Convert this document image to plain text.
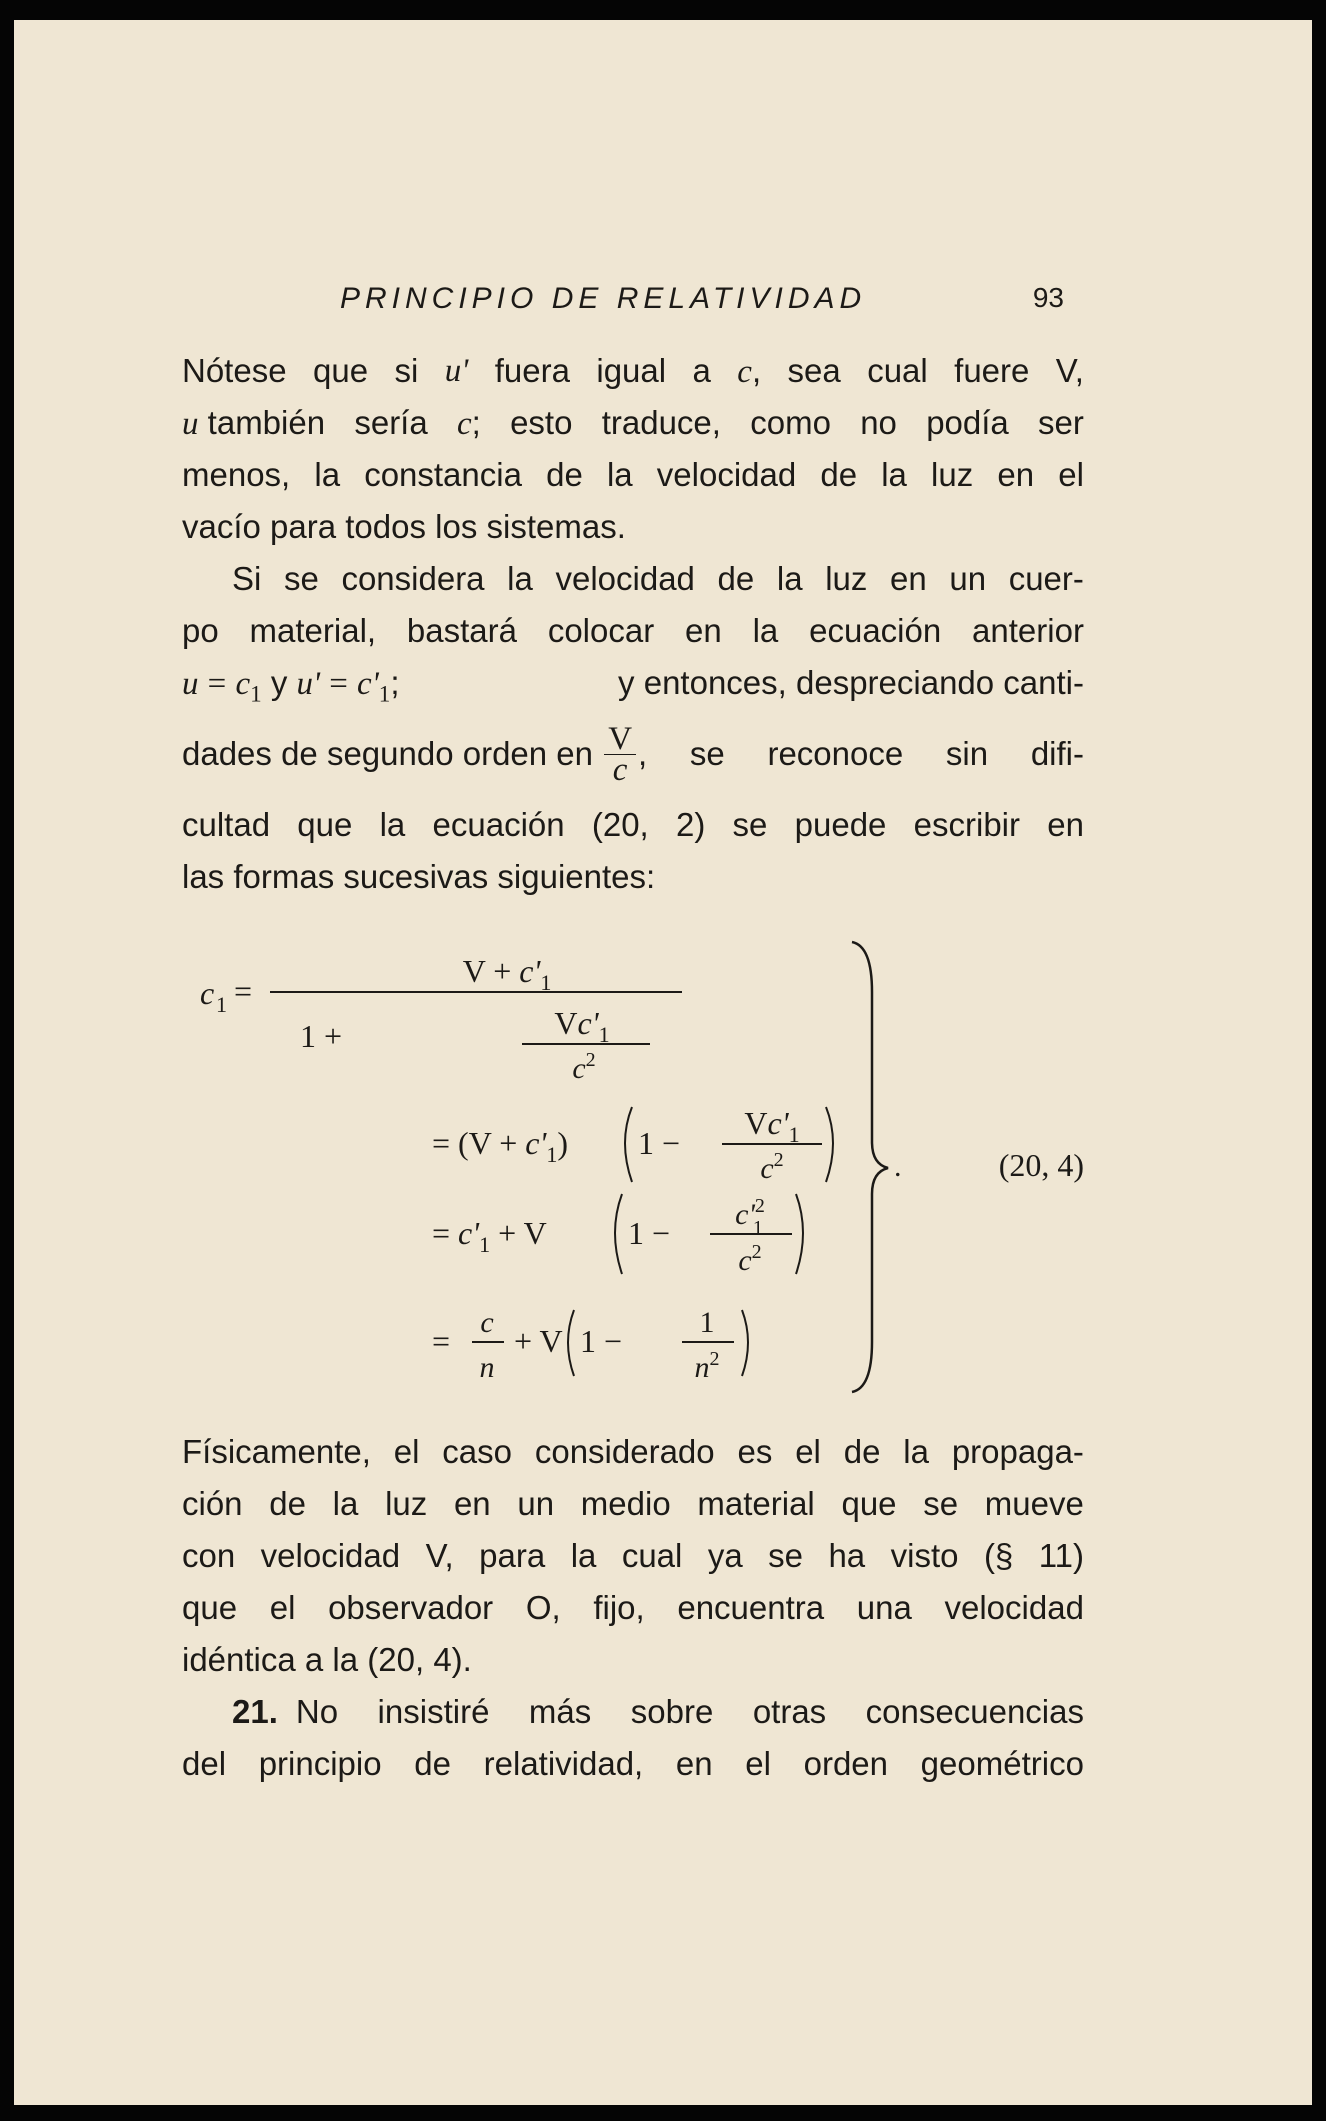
PRINCIPIO DE RELATIVIDAD	93
Nótese que si u' fuera igual a c, sea cual fuere V,
u también sería c; esto traduce, como no podía ser
menos, la constancia de la velocidad de la luz en el
vacío para todos los sistemas.
Si se considera la velocidad de la luz en un cuer-
po material, bastará colocar en la ecuación anterior
$u = c_1$ y $u' = c'_1$;	y entonces, despreciando canti-
dades de segundo orden en $\frac{V}{c}$ , se reconoce sin difi-
cultad que la ecuación (20, 2) se puede escribir en
las formas sucesivas siguientes:
c 1 =
$V + c'_1$
1 +	$Vc'_1$
$c^2$
= $(V + c'_1)$ 1 −
$Vc'_1$
$c^2$
= $c'_1 + V$	1 −
$c'^2$ 1
$c^2$
=
c
n
+ V 1 −
1
$n^2$
.	(20, 4)
Físicamente, el caso considerado es el de la propaga-
ción de la luz en un medio material que se mueve
con velocidad V, para la cual ya se ha visto (§ 11)
que el observador O, fijo, encuentra una velocidad
idéntica a la (20, 4).
21. No insistiré más sobre otras consecuencias
del principio de relatividad, en el orden geométrico
